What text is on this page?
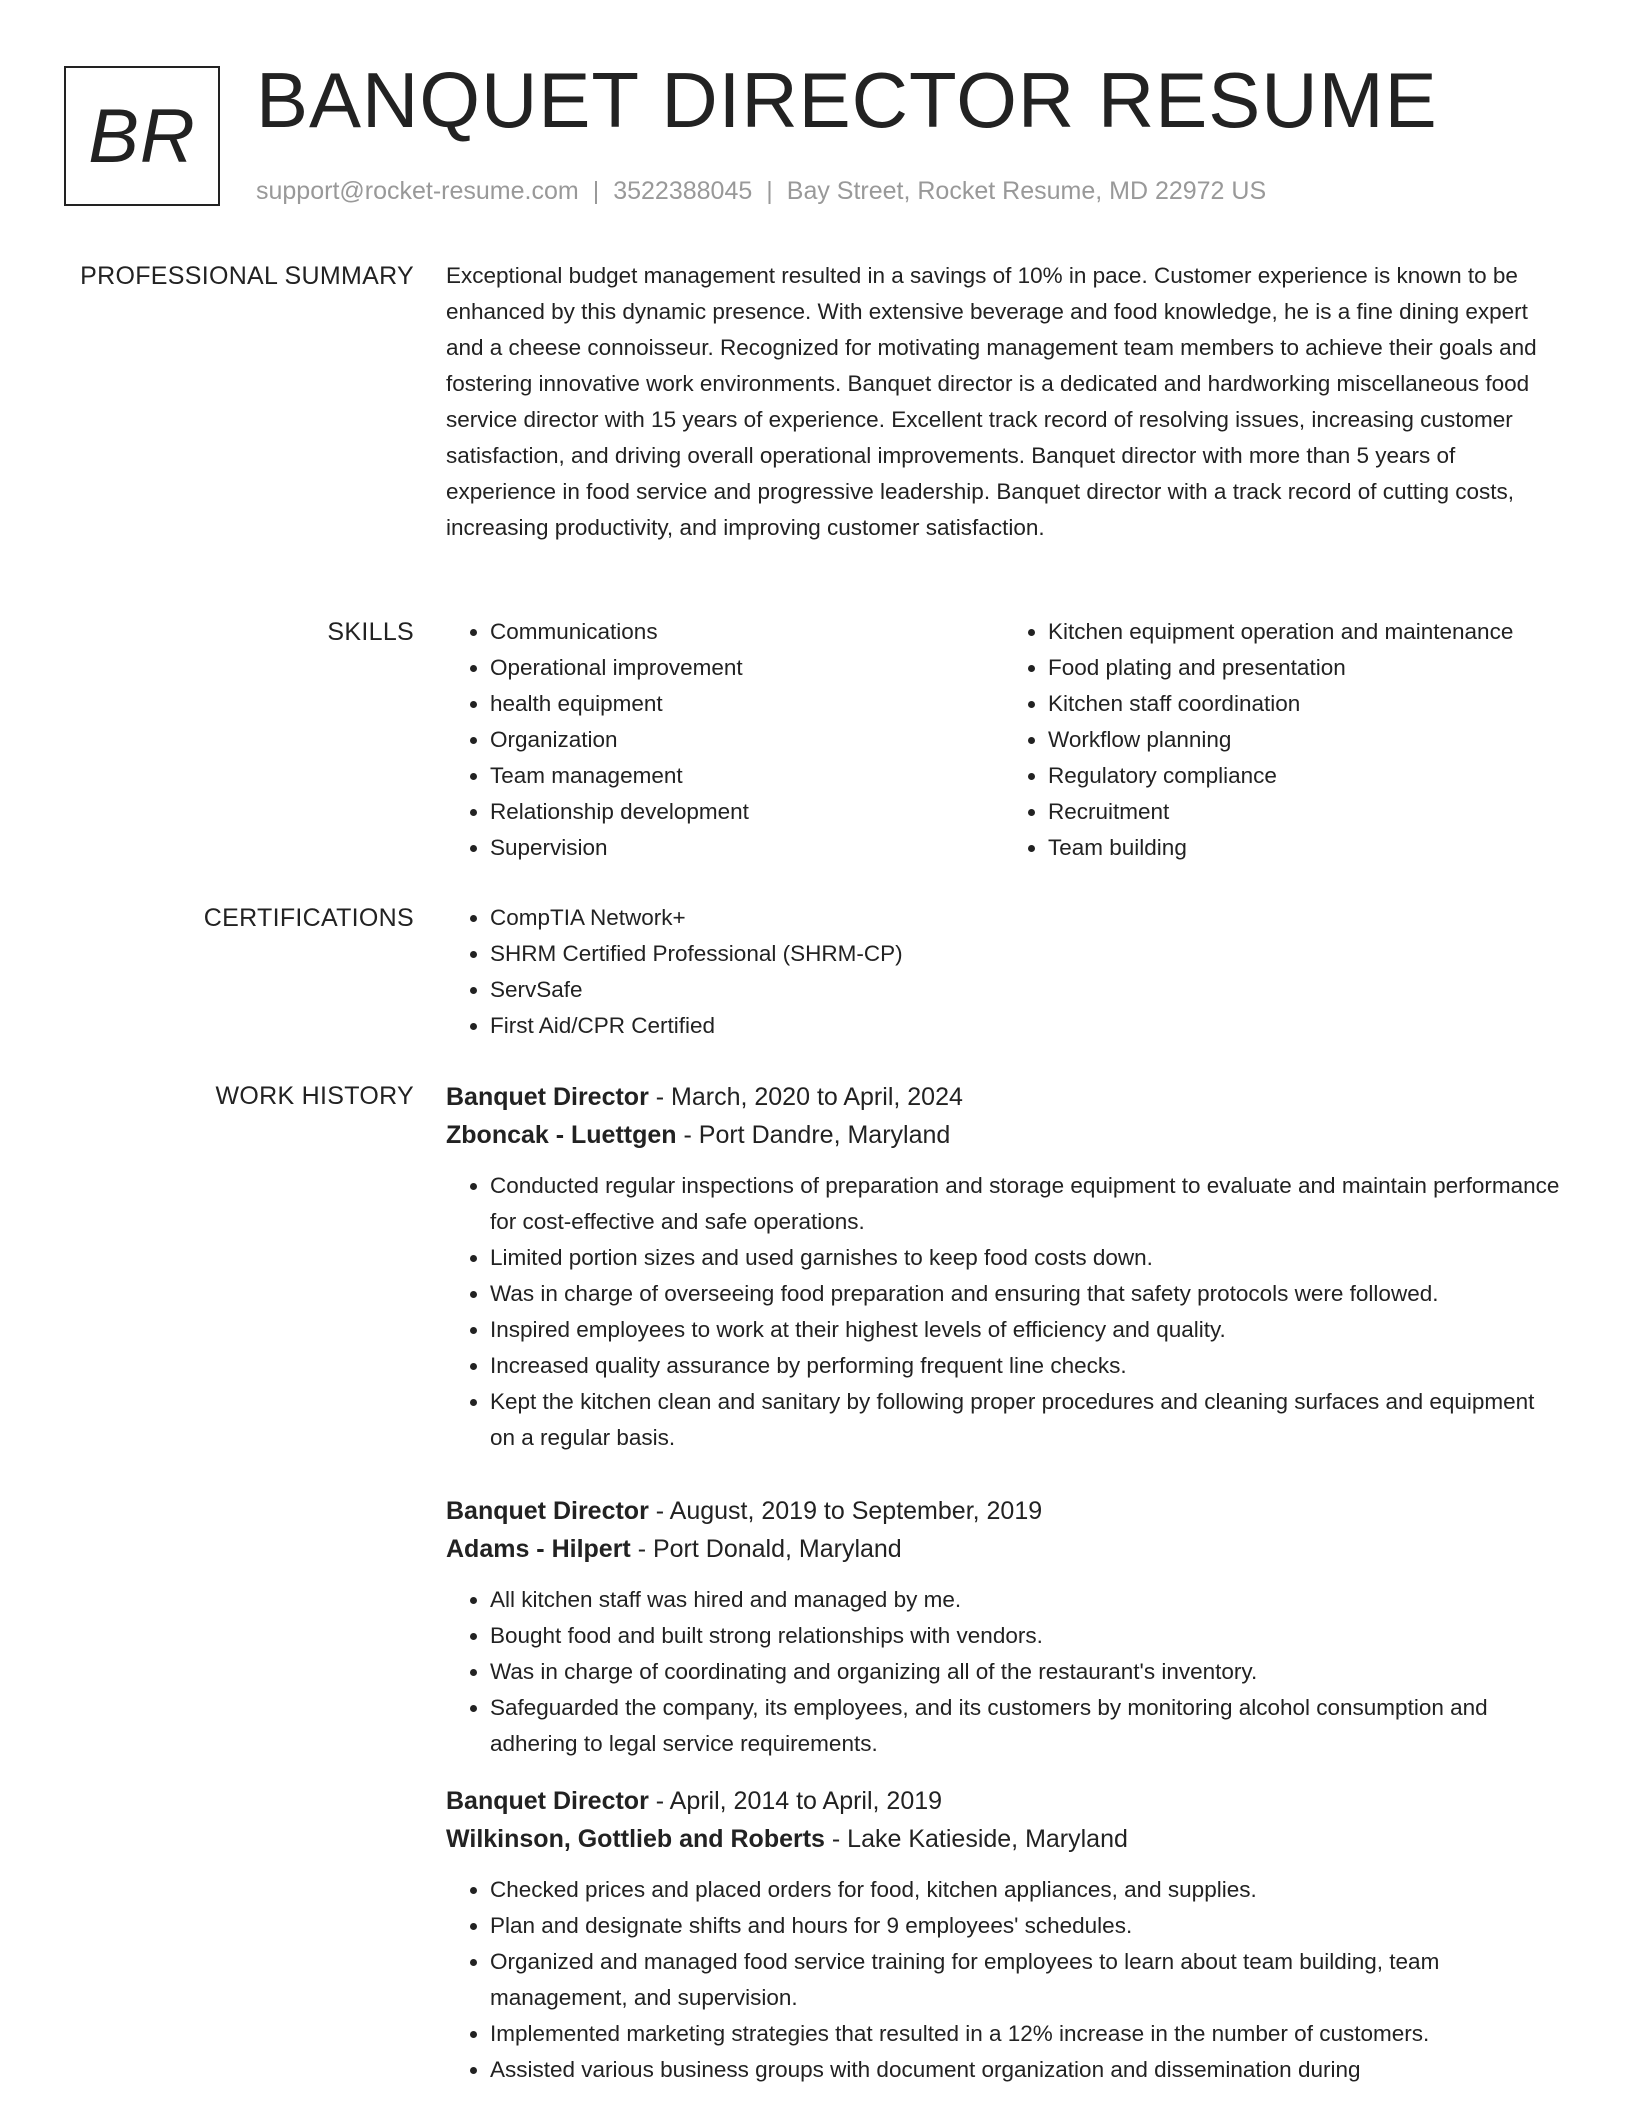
BR BANQUET DIRECTOR RESUME
support@rocket-resume.com | 3522388045 | Bay Street, Rocket Resume, MD 22972 US
PROFESSIONAL SUMMARY Exceptional budget management resulted in a savings of 10% in pace. Customer experience is known to be enhanced by this dynamic presence. With extensive beverage and food knowledge, he is a fine dining expert and a cheese connoisseur. Recognized for motivating management team members to achieve their goals and fostering innovative work environments. Banquet director is a dedicated and hardworking miscellaneous food service director with 15 years of experience. Excellent track record of resolving issues, increasing customer satisfaction, and driving overall operational improvements. Banquet director with more than 5 years of experience in food service and progressive leadership. Banquet director with a track record of cutting costs, increasing productivity, and improving customer satisfaction.

SKILLS	• Communications
• Operational improvement
• health equipment
• Organization
• Team management
• Relationship development
• Supervision
• Kitchen equipment operation and maintenance
• Food plating and presentation
• Kitchen staff coordination
• Workflow planning
• Regulatory compliance
• Recruitment
• Team building
CERTIFICATIONS	• CompTIA Network+
• SHRM Certified Professional (SHRM-CP)
• ServSafe
• First Aid/CPR Certified
WORK HISTORY Banquet Director - March, 2020 to April, 2024
Zboncak - Luettgen - Port Dandre, Maryland
• Conducted regular inspections of preparation and storage equipment to evaluate and maintain performance for cost-effective and safe operations.
• Limited portion sizes and used garnishes to keep food costs down.
• Was in charge of overseeing food preparation and ensuring that safety protocols were followed.
• Inspired employees to work at their highest levels of efficiency and quality.
• Increased quality assurance by performing frequent line checks.
• Kept the kitchen clean and sanitary by following proper procedures and cleaning surfaces and equipment on a regular basis.
Banquet Director - August, 2019 to September, 2019
Adams - Hilpert - Port Donald, Maryland
• All kitchen staff was hired and managed by me.
• Bought food and built strong relationships with vendors.
• Was in charge of coordinating and organizing all of the restaurant's inventory.
• Safeguarded the company, its employees, and its customers by monitoring alcohol consumption and adhering to legal service requirements.
Banquet Director - April, 2014 to April, 2019
Wilkinson, Gottlieb and Roberts - Lake Katieside, Maryland
• Checked prices and placed orders for food, kitchen appliances, and supplies.
• Plan and designate shifts and hours for 9 employees' schedules.
• Organized and managed food service training for employees to learn about team building, team management, and supervision.
• Implemented marketing strategies that resulted in a 12% increase in the number of customers.
• Assisted various business groups with document organization and dissemination during
